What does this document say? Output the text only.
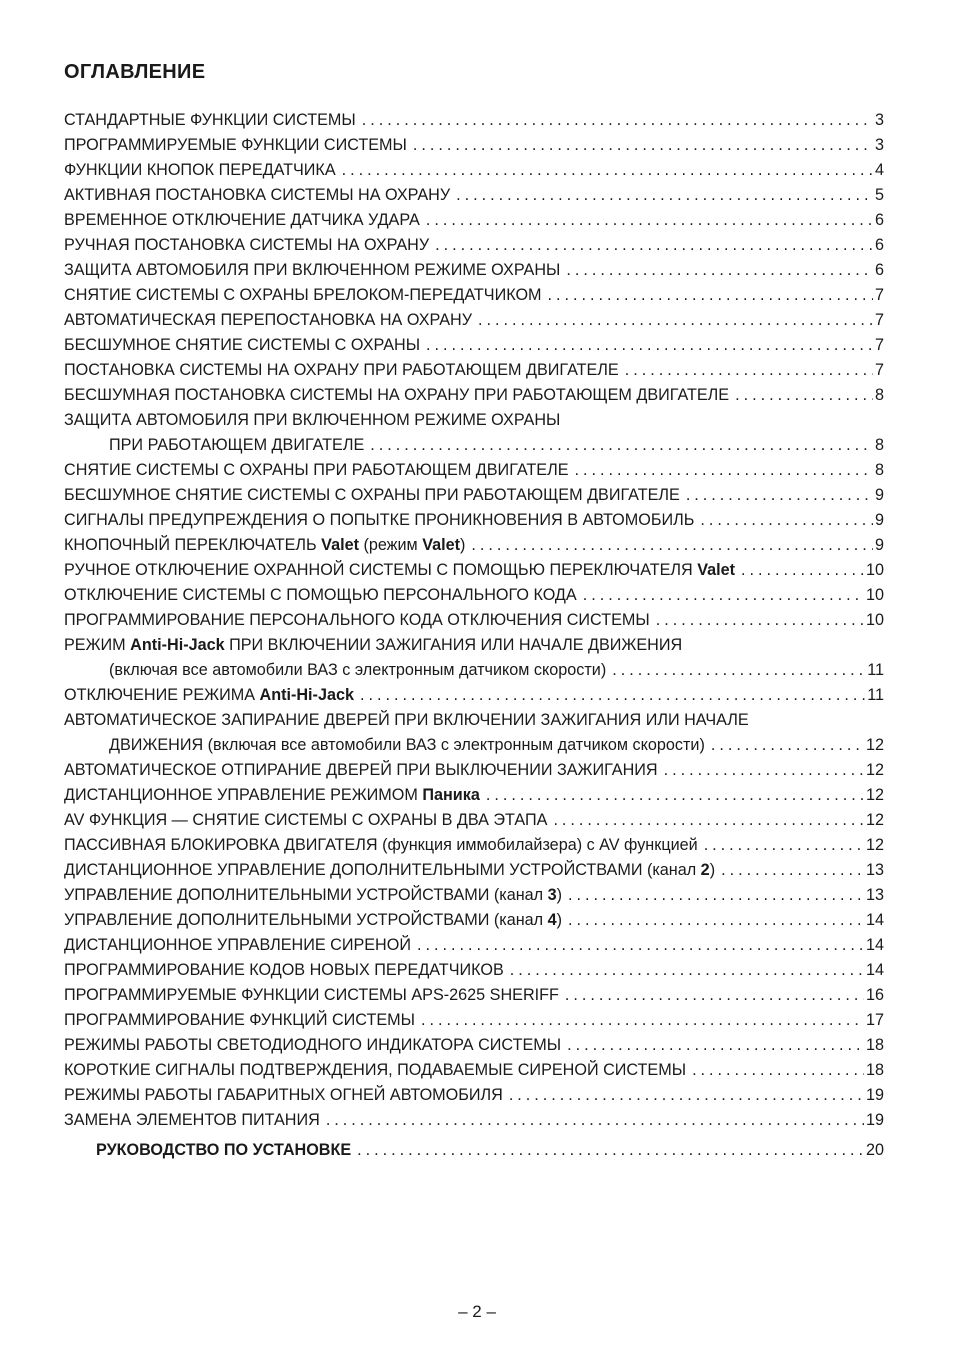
ОГЛАВЛЕНИЕ
СТАНДАРТНЫЕ ФУНКЦИИ СИСТЕМЫ .....	3
ПРОГРАММИРУЕМЫЕ ФУНКЦИИ СИСТЕМЫ .....	3
ФУНКЦИИ КНОПОК ПЕРЕДАТЧИКА .....	4
АКТИВНАЯ ПОСТАНОВКА СИСТЕМЫ НА ОХРАНУ .....	5
ВРЕМЕННОЕ ОТКЛЮЧЕНИЕ ДАТЧИКА УДАРА .....	6
РУЧНАЯ ПОСТАНОВКА СИСТЕМЫ НА ОХРАНУ .....	6
ЗАЩИТА АВТОМОБИЛЯ ПРИ ВКЛЮЧЕННОМ РЕЖИМЕ ОХРАНЫ .....	6
СНЯТИЕ СИСТЕМЫ С ОХРАНЫ БРЕЛОКОМ-ПЕРЕДАТЧИКОМ .....	7
АВТОМАТИЧЕСКАЯ ПЕРЕПОСТАНОВКА НА ОХРАНУ .....	7
БЕСШУМНОЕ СНЯТИЕ СИСТЕМЫ С ОХРАНЫ .....	7
ПОСТАНОВКА СИСТЕМЫ НА ОХРАНУ ПРИ РАБОТАЮЩЕМ ДВИГАТЕЛЕ .....	7
БЕСШУМНАЯ ПОСТАНОВКА СИСТЕМЫ НА ОХРАНУ ПРИ РАБОТАЮЩЕМ ДВИГАТЕЛЕ .....	8
ЗАЩИТА АВТОМОБИЛЯ ПРИ ВКЛЮЧЕННОМ РЕЖИМЕ ОХРАНЫ
ПРИ РАБОТАЮЩЕМ ДВИГАТЕЛЕ .....	8
СНЯТИЕ СИСТЕМЫ С ОХРАНЫ ПРИ РАБОТАЮЩЕМ ДВИГАТЕЛЕ .....	8
БЕСШУМНОЕ СНЯТИЕ СИСТЕМЫ С ОХРАНЫ ПРИ РАБОТАЮЩЕМ ДВИГАТЕЛЕ .....	9
СИГНАЛЫ ПРЕДУПРЕЖДЕНИЯ О ПОПЫТКЕ ПРОНИКНОВЕНИЯ В АВТОМОБИЛЬ .....	9
КНОПОЧНЫЙ ПЕРЕКЛЮЧАТЕЛЬ Valet (режим Valet) .....	9
РУЧНОЕ ОТКЛЮЧЕНИЕ ОХРАННОЙ СИСТЕМЫ С ПОМОЩЬЮ ПЕРЕКЛЮЧАТЕЛЯ Valet .....	10
ОТКЛЮЧЕНИЕ СИСТЕМЫ С ПОМОЩЬЮ ПЕРСОНАЛЬНОГО КОДА .....	10
ПРОГРАММИРОВАНИЕ ПЕРСОНАЛЬНОГО КОДА ОТКЛЮЧЕНИЯ СИСТЕМЫ .....	10
РЕЖИМ Anti-Hi-Jack ПРИ ВКЛЮЧЕНИИ ЗАЖИГАНИЯ ИЛИ НАЧАЛЕ ДВИЖЕНИЯ
(включая все автомобили ВАЗ с электронным датчиком скорости) .....	11
ОТКЛЮЧЕНИЕ РЕЖИМА Anti-Hi-Jack .....	11
АВТОМАТИЧЕСКОЕ ЗАПИРАНИЕ ДВЕРЕЙ ПРИ ВКЛЮЧЕНИИ ЗАЖИГАНИЯ ИЛИ НАЧАЛЕ
ДВИЖЕНИЯ (включая все автомобили ВАЗ с электронным датчиком скорости) .....	12
АВТОМАТИЧЕСКОЕ ОТПИРАНИЕ ДВЕРЕЙ ПРИ ВЫКЛЮЧЕНИИ ЗАЖИГАНИЯ .....	12
ДИСТАНЦИОННОЕ УПРАВЛЕНИЕ РЕЖИМОМ Паника .....	12
AV ФУНКЦИЯ — СНЯТИЕ СИСТЕМЫ С ОХРАНЫ В ДВА ЭТАПА .....	12
ПАССИВНАЯ БЛОКИРОВКА ДВИГАТЕЛЯ (функция иммобилайзера) с AV функцией .....	12
ДИСТАНЦИОННОЕ УПРАВЛЕНИЕ ДОПОЛНИТЕЛЬНЫМИ УСТРОЙСТВАМИ (канал 2) .....	13
УПРАВЛЕНИЕ ДОПОЛНИТЕЛЬНЫМИ УСТРОЙСТВАМИ (канал 3) .....	13
УПРАВЛЕНИЕ ДОПОЛНИТЕЛЬНЫМИ УСТРОЙСТВАМИ (канал 4) .....	14
ДИСТАНЦИОННОЕ УПРАВЛЕНИЕ СИРЕНОЙ .....	14
ПРОГРАММИРОВАНИЕ КОДОВ НОВЫХ ПЕРЕДАТЧИКОВ .....	14
ПРОГРАММИРУЕМЫЕ ФУНКЦИИ СИСТЕМЫ APS-2625 SHERIFF .....	16
ПРОГРАММИРОВАНИЕ ФУНКЦИЙ СИСТЕМЫ .....	17
РЕЖИМЫ РАБОТЫ СВЕТОДИОДНОГО ИНДИКАТОРА СИСТЕМЫ .....	18
КОРОТКИЕ СИГНАЛЫ ПОДТВЕРЖДЕНИЯ, ПОДАВАЕМЫЕ СИРЕНОЙ СИСТЕМЫ .....	18
РЕЖИМЫ РАБОТЫ ГАБАРИТНЫХ ОГНЕЙ АВТОМОБИЛЯ .....	19
ЗАМЕНА ЭЛЕМЕНТОВ ПИТАНИЯ .....	19
РУКОВОДСТВО ПО УСТАНОВКЕ .....	20
– 2 –
